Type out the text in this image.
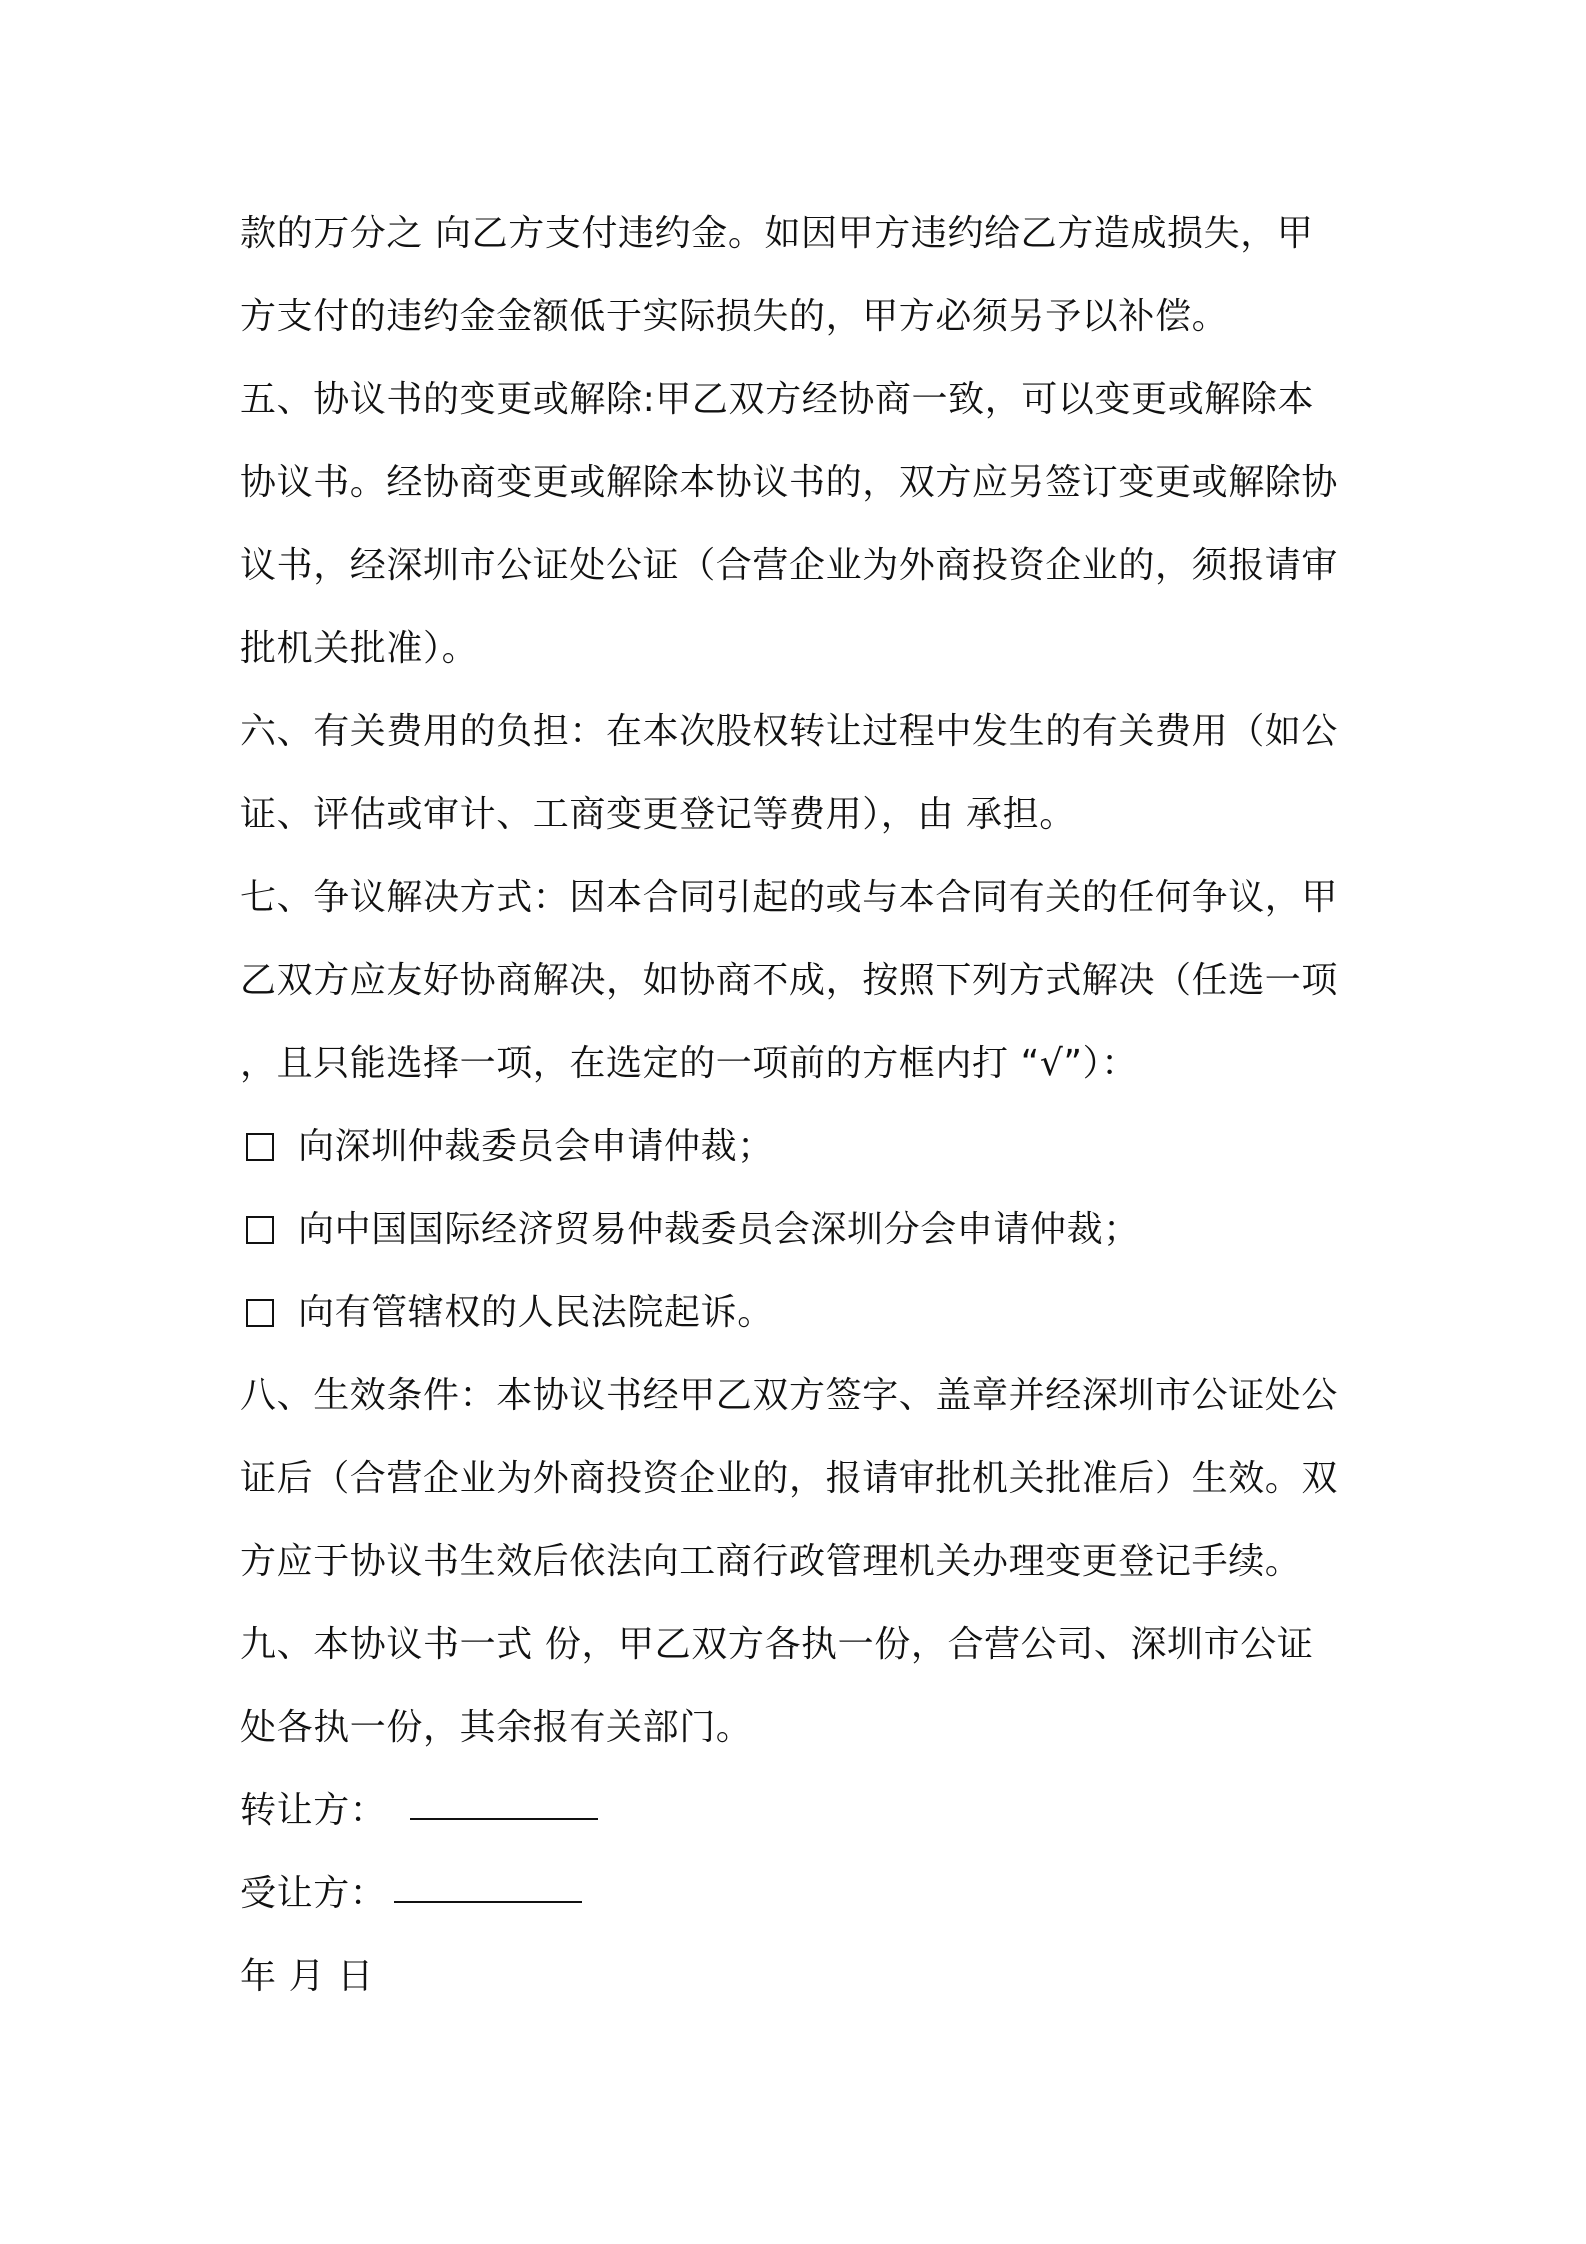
款的万分之 向乙方支付违约金。如因甲方违约给乙方造成损失，甲
方支付的违约金金额低于实际损失的，甲方必须另予以补偿。
五、协议书的变更或解除:甲乙双方经协商一致，可以变更或解除本
协议书。经协商变更或解除本协议书的，双方应另签订变更或解除协
议书，经深圳市公证处公证（合营企业为外商投资企业的，须报请审
批机关批准）。
六、有关费用的负担：在本次股权转让过程中发生的有关费用（如公
证、评估或审计、工商变更登记等费用），由 承担。
七、争议解决方式：因本合同引起的或与本合同有关的任何争议，甲
乙双方应友好协商解决，如协商不成，按照下列方式解决（任选一项
，且只能选择一项，在选定的一项前的方框内打 “√”）：
向深圳仲裁委员会申请仲裁；
向中国国际经济贸易仲裁委员会深圳分会申请仲裁；
向有管辖权的人民法院起诉。
八、生效条件：本协议书经甲乙双方签字、盖章并经深圳市公证处公
证后（合营企业为外商投资企业的，报请审批机关批准后）生效。双
方应于协议书生效后依法向工商行政管理机关办理变更登记手续。
九、本协议书一式 份，甲乙双方各执一份，合营公司、深圳市公证
处各执一份，其余报有关部门。
转让方：
受让方：
年 月 日
